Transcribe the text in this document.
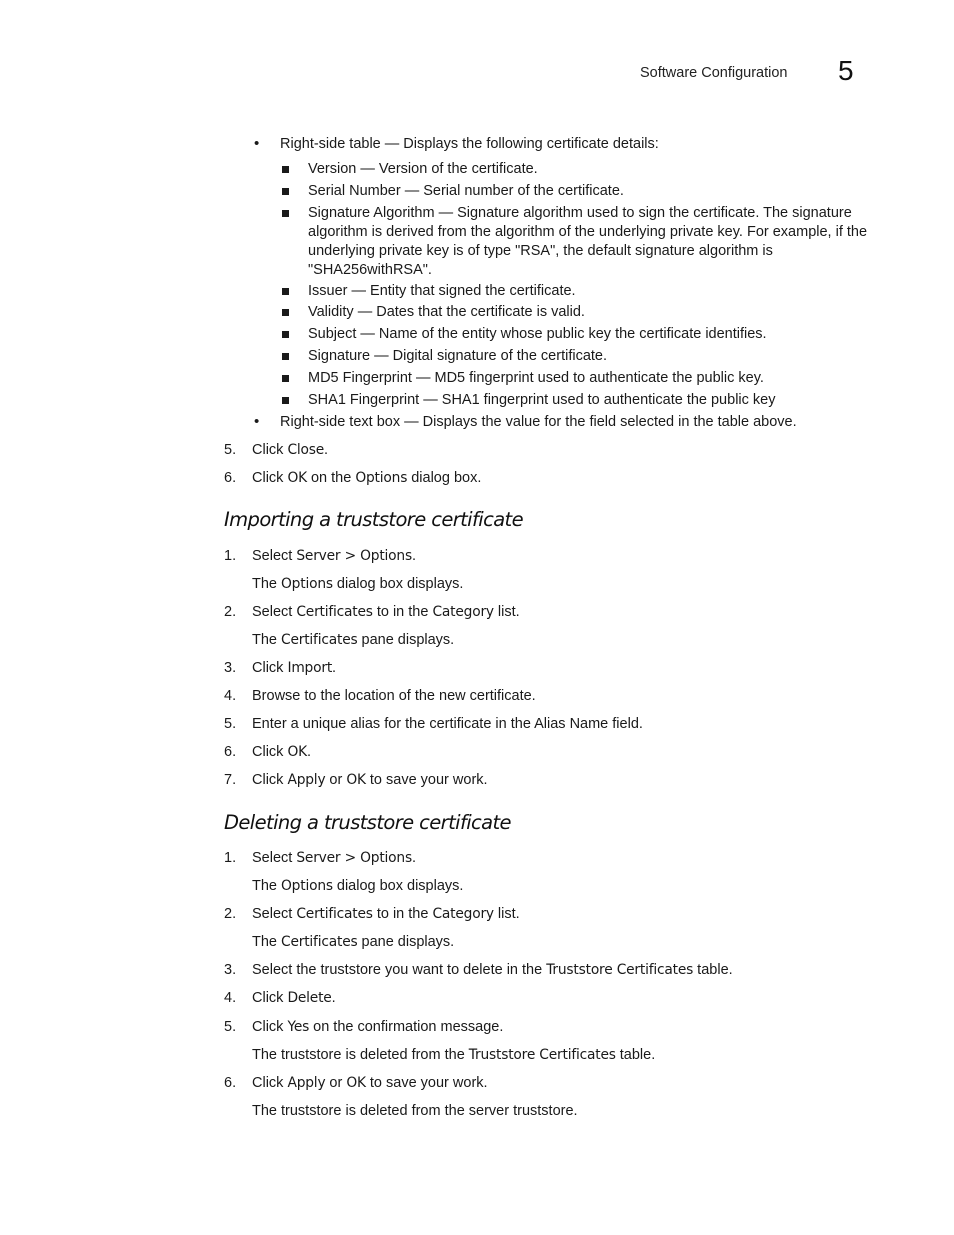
Software Configuration 5
• Right-side table — Displays the following certificate details:
Version — Version of the certificate.
Serial Number — Serial number of the certificate.
Signature Algorithm — Signature algorithm used to sign the certificate. The signature algorithm is derived from the algorithm of the underlying private key. For example, if the underlying private key is of type "RSA", the default signature algorithm is "SHA256withRSA".
Issuer — Entity that signed the certificate.
Validity — Dates that the certificate is valid.
Subject — Name of the entity whose public key the certificate identifies.
Signature — Digital signature of the certificate.
MD5 Fingerprint — MD5 fingerprint used to authenticate the public key.
SHA1 Fingerprint — SHA1 fingerprint used to authenticate the public key
• Right-side text box — Displays the value for the field selected in the table above.
5. Click Close.
6. Click OK on the Options dialog box.
Importing a truststore certificate
1. Select Server > Options.
The Options dialog box displays.
2. Select Certificates to in the Category list.
The Certificates pane displays.
3. Click Import.
4. Browse to the location of the new certificate.
5. Enter a unique alias for the certificate in the Alias Name field.
6. Click OK.
7. Click Apply or OK to save your work.
Deleting a truststore certificate
1. Select Server > Options.
The Options dialog box displays.
2. Select Certificates to in the Category list.
The Certificates pane displays.
3. Select the truststore you want to delete in the Truststore Certificates table.
4. Click Delete.
5. Click Yes on the confirmation message.
The truststore is deleted from the Truststore Certificates table.
6. Click Apply or OK to save your work.
The truststore is deleted from the server truststore.
